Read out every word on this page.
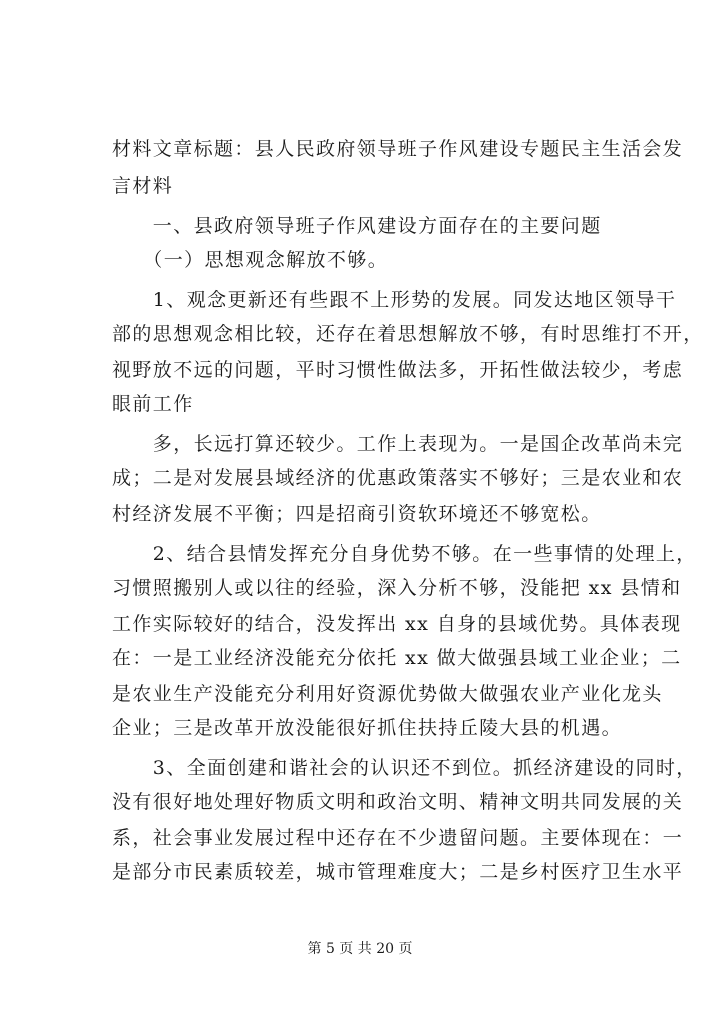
材料文章标题：县人民政府领导班子作风建设专题民主生活会发
言材料
　　一、县政府领导班子作风建设方面存在的主要问题
　　（一）思想观念解放不够。
　　1、观念更新还有些跟不上形势的发展。同发达地区领导干
部的思想观念相比较，还存在着思想解放不够，有时思维打不开，
视野放不远的问题，平时习惯性做法多，开拓性做法较少，考虑
眼前工作
　　多，长远打算还较少。工作上表现为。一是国企改革尚未完
成；二是对发展县域经济的优惠政策落实不够好；三是农业和农
村经济发展不平衡；四是招商引资软环境还不够宽松。
　　2、结合县情发挥充分自身优势不够。在一些事情的处理上，
习惯照搬别人或以往的经验，深入分析不够，没能把 xx 县情和
工作实际较好的结合，没发挥出 xx 自身的县域优势。具体表现
在：一是工业经济没能充分依托 xx 做大做强县域工业企业；二
是农业生产没能充分利用好资源优势做大做强农业产业化龙头
企业；三是改革开放没能很好抓住扶持丘陵大县的机遇。
　　3、全面创建和谐社会的认识还不到位。抓经济建设的同时，
没有很好地处理好物质文明和政治文明、精神文明共同发展的关
系，社会事业发展过程中还存在不少遗留问题。主要体现在：一
是部分市民素质较差，城市管理难度大；二是乡村医疗卫生水平
第 5 页 共 20 页
